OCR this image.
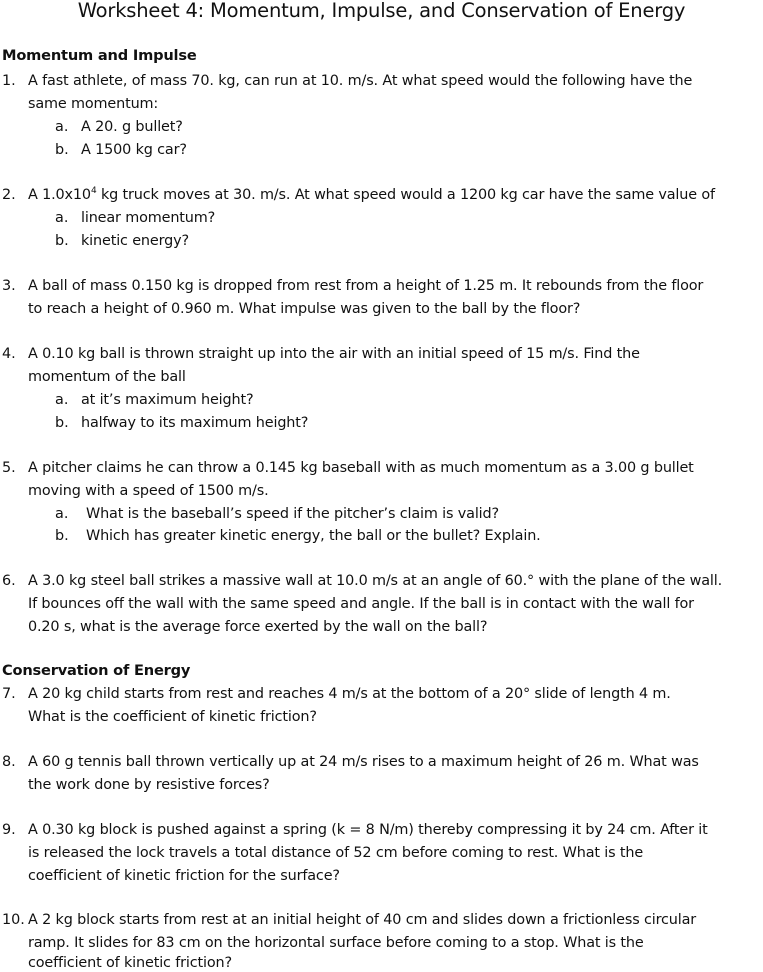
Worksheet 4: Momentum, Impulse, and Conservation of Energy
Momentum and Impulse
1. A fast athlete, of mass 70. kg, can run at 10. m/s. At what speed would the following have the
same momentum:
a. A 20. g bullet?
b. A 1500 kg car?
2. A $1.0x10^4$ kg truck moves at 30. m/s. At what speed would a 1200 kg car have the same value of
a. linear momentum?
b. kinetic energy?
3. A ball of mass 0.150 kg is dropped from rest from a height of 1.25 m. It rebounds from the floor
to reach a height of 0.960 m. What impulse was given to the ball by the floor?
4. A 0.10 kg ball is thrown straight up into the air with an initial speed of 15 m/s. Find the
momentum of the ball
a. at it’s maximum height?
b. halfway to its maximum height?
5. A pitcher claims he can throw a 0.145 kg baseball with as much momentum as a 3.00 g bullet
moving with a speed of 1500 m/s.
a. What is the baseball’s speed if the pitcher’s claim is valid?
b. Which has greater kinetic energy, the ball or the bullet? Explain.
6. A 3.0 kg steel ball strikes a massive wall at 10.0 m/s at an angle of 60.° with the plane of the wall.
If bounces off the wall with the same speed and angle. If the ball is in contact with the wall for
0.20 s, what is the average force exerted by the wall on the ball?
Conservation of Energy
7. A 20 kg child starts from rest and reaches 4 m/s at the bottom of a 20° slide of length 4 m.
What is the coefficient of kinetic friction?
8. A 60 g tennis ball thrown vertically up at 24 m/s rises to a maximum height of 26 m. What was
the work done by resistive forces?
9. A 0.30 kg block is pushed against a spring (k = 8 N/m) thereby compressing it by 24 cm. After it
is released the lock travels a total distance of 52 cm before coming to rest. What is the
coefficient of kinetic friction for the surface?
10. A 2 kg block starts from rest at an initial height of 40 cm and slides down a frictionless circular
ramp. It slides for 83 cm on the horizontal surface before coming to a stop. What is the
coefficient of kinetic friction?
